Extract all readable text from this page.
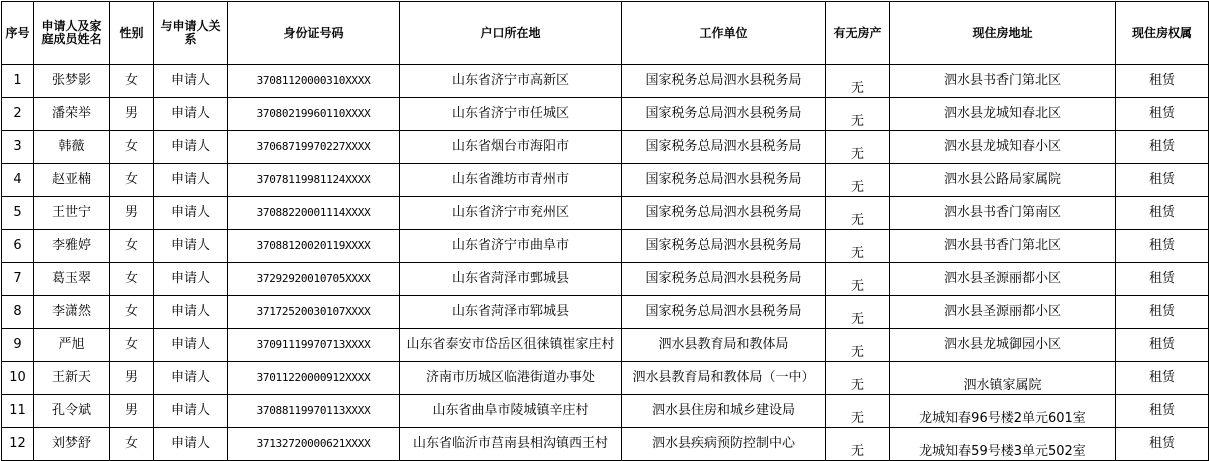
序号	申请人及家庭成员姓名	性别	与申请人关系	身份证号码	户口所在地	工作单位	有无房产	现住房地址	现住房权属
1	张梦影	女	申请人	37081120000310XXXX	山东省济宁市高新区	国家税务总局泗水县税务局	无	泗水县书香门第北区	租赁
2	潘荣举	男	申请人	37080219960110XXXX	山东省济宁市任城区	国家税务总局泗水县税务局	无	泗水县龙城知春北区	租赁
3	韩薇	女	申请人	37068719970227XXXX	山东省烟台市海阳市	国家税务总局泗水县税务局	无	泗水县龙城知春小区	租赁
4	赵亚楠	女	申请人	37078119981124XXXX	山东省潍坊市青州市	国家税务总局泗水县税务局	无	泗水县公路局家属院	租赁
5	王世宁	男	申请人	37088220001114XXXX	山东省济宁市兖州区	国家税务总局泗水县税务局	无	泗水县书香门第南区	租赁
6	李雅婷	女	申请人	37088120020119XXXX	山东省济宁市曲阜市	国家税务总局泗水县税务局	无	泗水县书香门第北区	租赁
7	葛玉翠	女	申请人	37292920010705XXXX	山东省菏泽市鄄城县	国家税务总局泗水县税务局	无	泗水县圣源丽都小区	租赁
8	李潇然	女	申请人	37172520030107XXXX	山东省菏泽市郓城县	国家税务总局泗水县税务局	无	泗水县圣源丽都小区	租赁
9	严旭	女	申请人	37091119970713XXXX	山东省泰安市岱岳区徂徕镇崔家庄村	泗水县教育局和教体局	无	泗水县龙城御园小区	租赁
10	王新天	男	申请人	37011220000912XXXX	济南市历城区临港街道办事处	泗水县教育局和教体局（一中）	无	泗水镇家属院	租赁
11	孔令斌	男	申请人	37088119970113XXXX	山东省曲阜市陵城镇辛庄村	泗水县住房和城乡建设局	无	龙城知春96号楼2单元601室	租赁
12	刘梦舒	女	申请人	37132720000621XXXX	山东省临沂市莒南县相沟镇西王村	泗水县疾病预防控制中心	无	龙城知春59号楼3单元502室	租赁
